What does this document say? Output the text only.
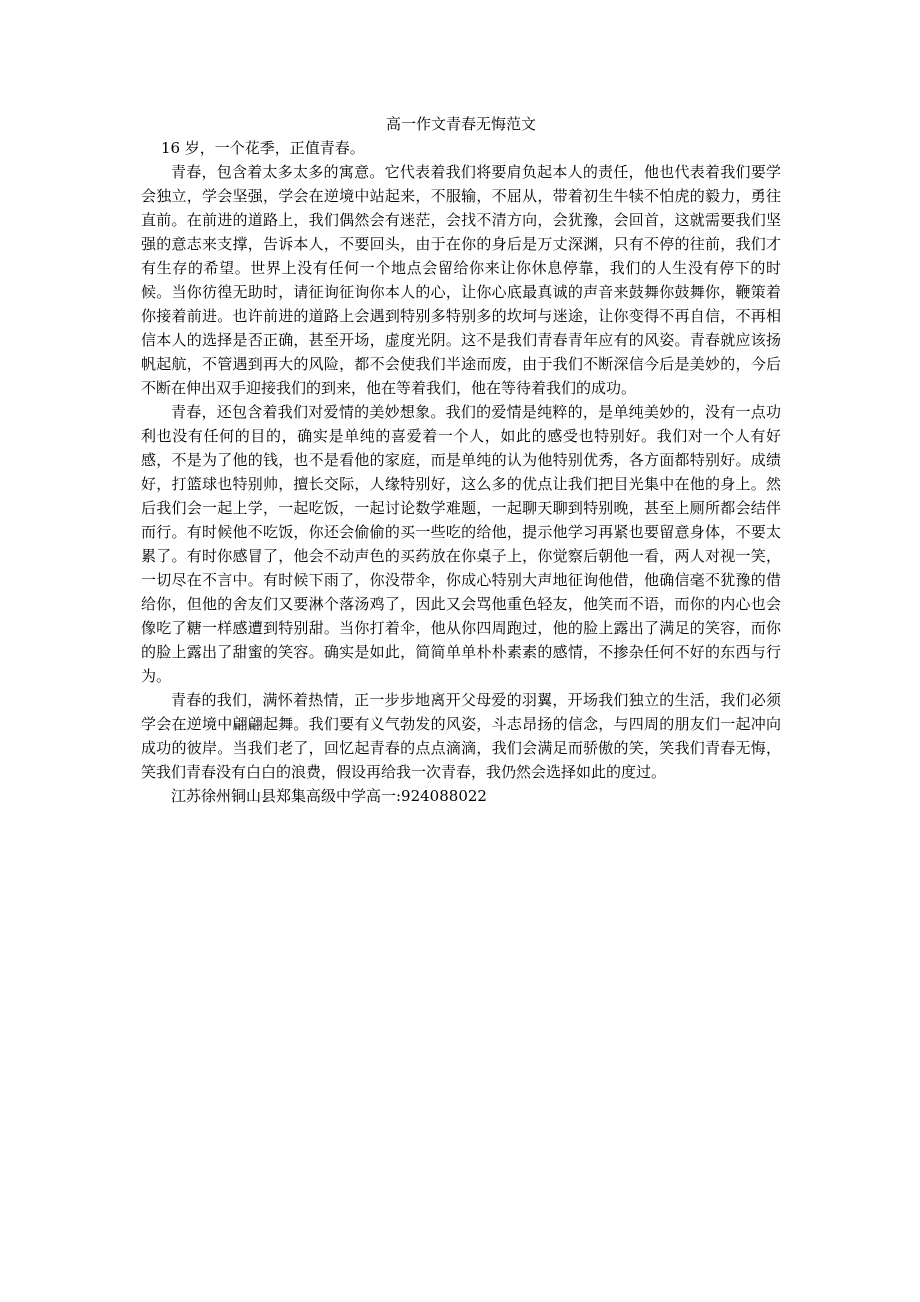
高一作文青春无悔范文

16 岁，一个花季，正值青春。

青春，包含着太多太多的寓意。它代表着我们将要肩负起本人的责任，他也代表着我们要学会独立，学会坚强，学会在逆境中站起来，不服输，不屈从，带着初生牛犊不怕虎的毅力，勇往直前。在前进的道路上，我们偶然会有迷茫，会找不清方向，会犹豫，会回首，这就需要我们坚强的意志来支撑，告诉本人，不要回头，由于在你的身后是万丈深渊，只有不停的往前，我们才有生存的希望。世界上没有任何一个地点会留给你来让你休息停靠，我们的人生没有停下的时候。当你彷徨无助时，请征询征询你本人的心，让你心底最真诚的声音来鼓舞你鼓舞你，鞭策着你接着前进。也许前进的道路上会遇到特别多特别多的坎坷与迷途，让你变得不再自信，不再相信本人的选择是否正确，甚至开场，虚度光阴。这不是我们青春青年应有的风姿。青春就应该扬帆起航，不管遇到再大的风险，都不会使我们半途而废，由于我们不断深信今后是美妙的，今后不断在伸出双手迎接我们的到来，他在等着我们，他在等待着我们的成功。

青春，还包含着我们对爱情的美妙想象。我们的爱情是纯粹的，是单纯美妙的，没有一点功利也没有任何的目的，确实是单纯的喜爱着一个人，如此的感受也特别好。我们对一个人有好感，不是为了他的钱，也不是看他的家庭，而是单纯的认为他特别优秀，各方面都特别好。成绩好，打篮球也特别帅，擅长交际，人缘特别好，这么多的优点让我们把目光集中在他的身上。然后我们会一起上学，一起吃饭，一起讨论数学难题，一起聊天聊到特别晚，甚至上厕所都会结伴而行。有时候他不吃饭，你还会偷偷的买一些吃的给他，提示他学习再紧也要留意身体，不要太累了。有时你感冒了，他会不动声色的买药放在你桌子上，你觉察后朝他一看，两人对视一笑，一切尽在不言中。有时候下雨了，你没带伞，你成心特别大声地征询他借，他确信毫不犹豫的借给你，但他的舍友们又要淋个落汤鸡了，因此又会骂他重色轻友，他笑而不语，而你的内心也会像吃了糖一样感遭到特别甜。当你打着伞，他从你四周跑过，他的脸上露出了满足的笑容，而你的脸上露出了甜蜜的笑容。确实是如此，简简单单朴朴素素的感情，不掺杂任何不好的东西与行为。

青春的我们，满怀着热情，正一步步地离开父母爱的羽翼，开场我们独立的生活，我们必须学会在逆境中翩翩起舞。我们要有义气勃发的风姿，斗志昂扬的信念，与四周的朋友们一起冲向成功的彼岸。当我们老了，回忆起青春的点点滴滴，我们会满足而骄傲的笑，笑我们青春无悔，笑我们青春没有白白的浪费，假设再给我一次青春，我仍然会选择如此的度过。

江苏徐州铜山县郑集高级中学高一:924088022
